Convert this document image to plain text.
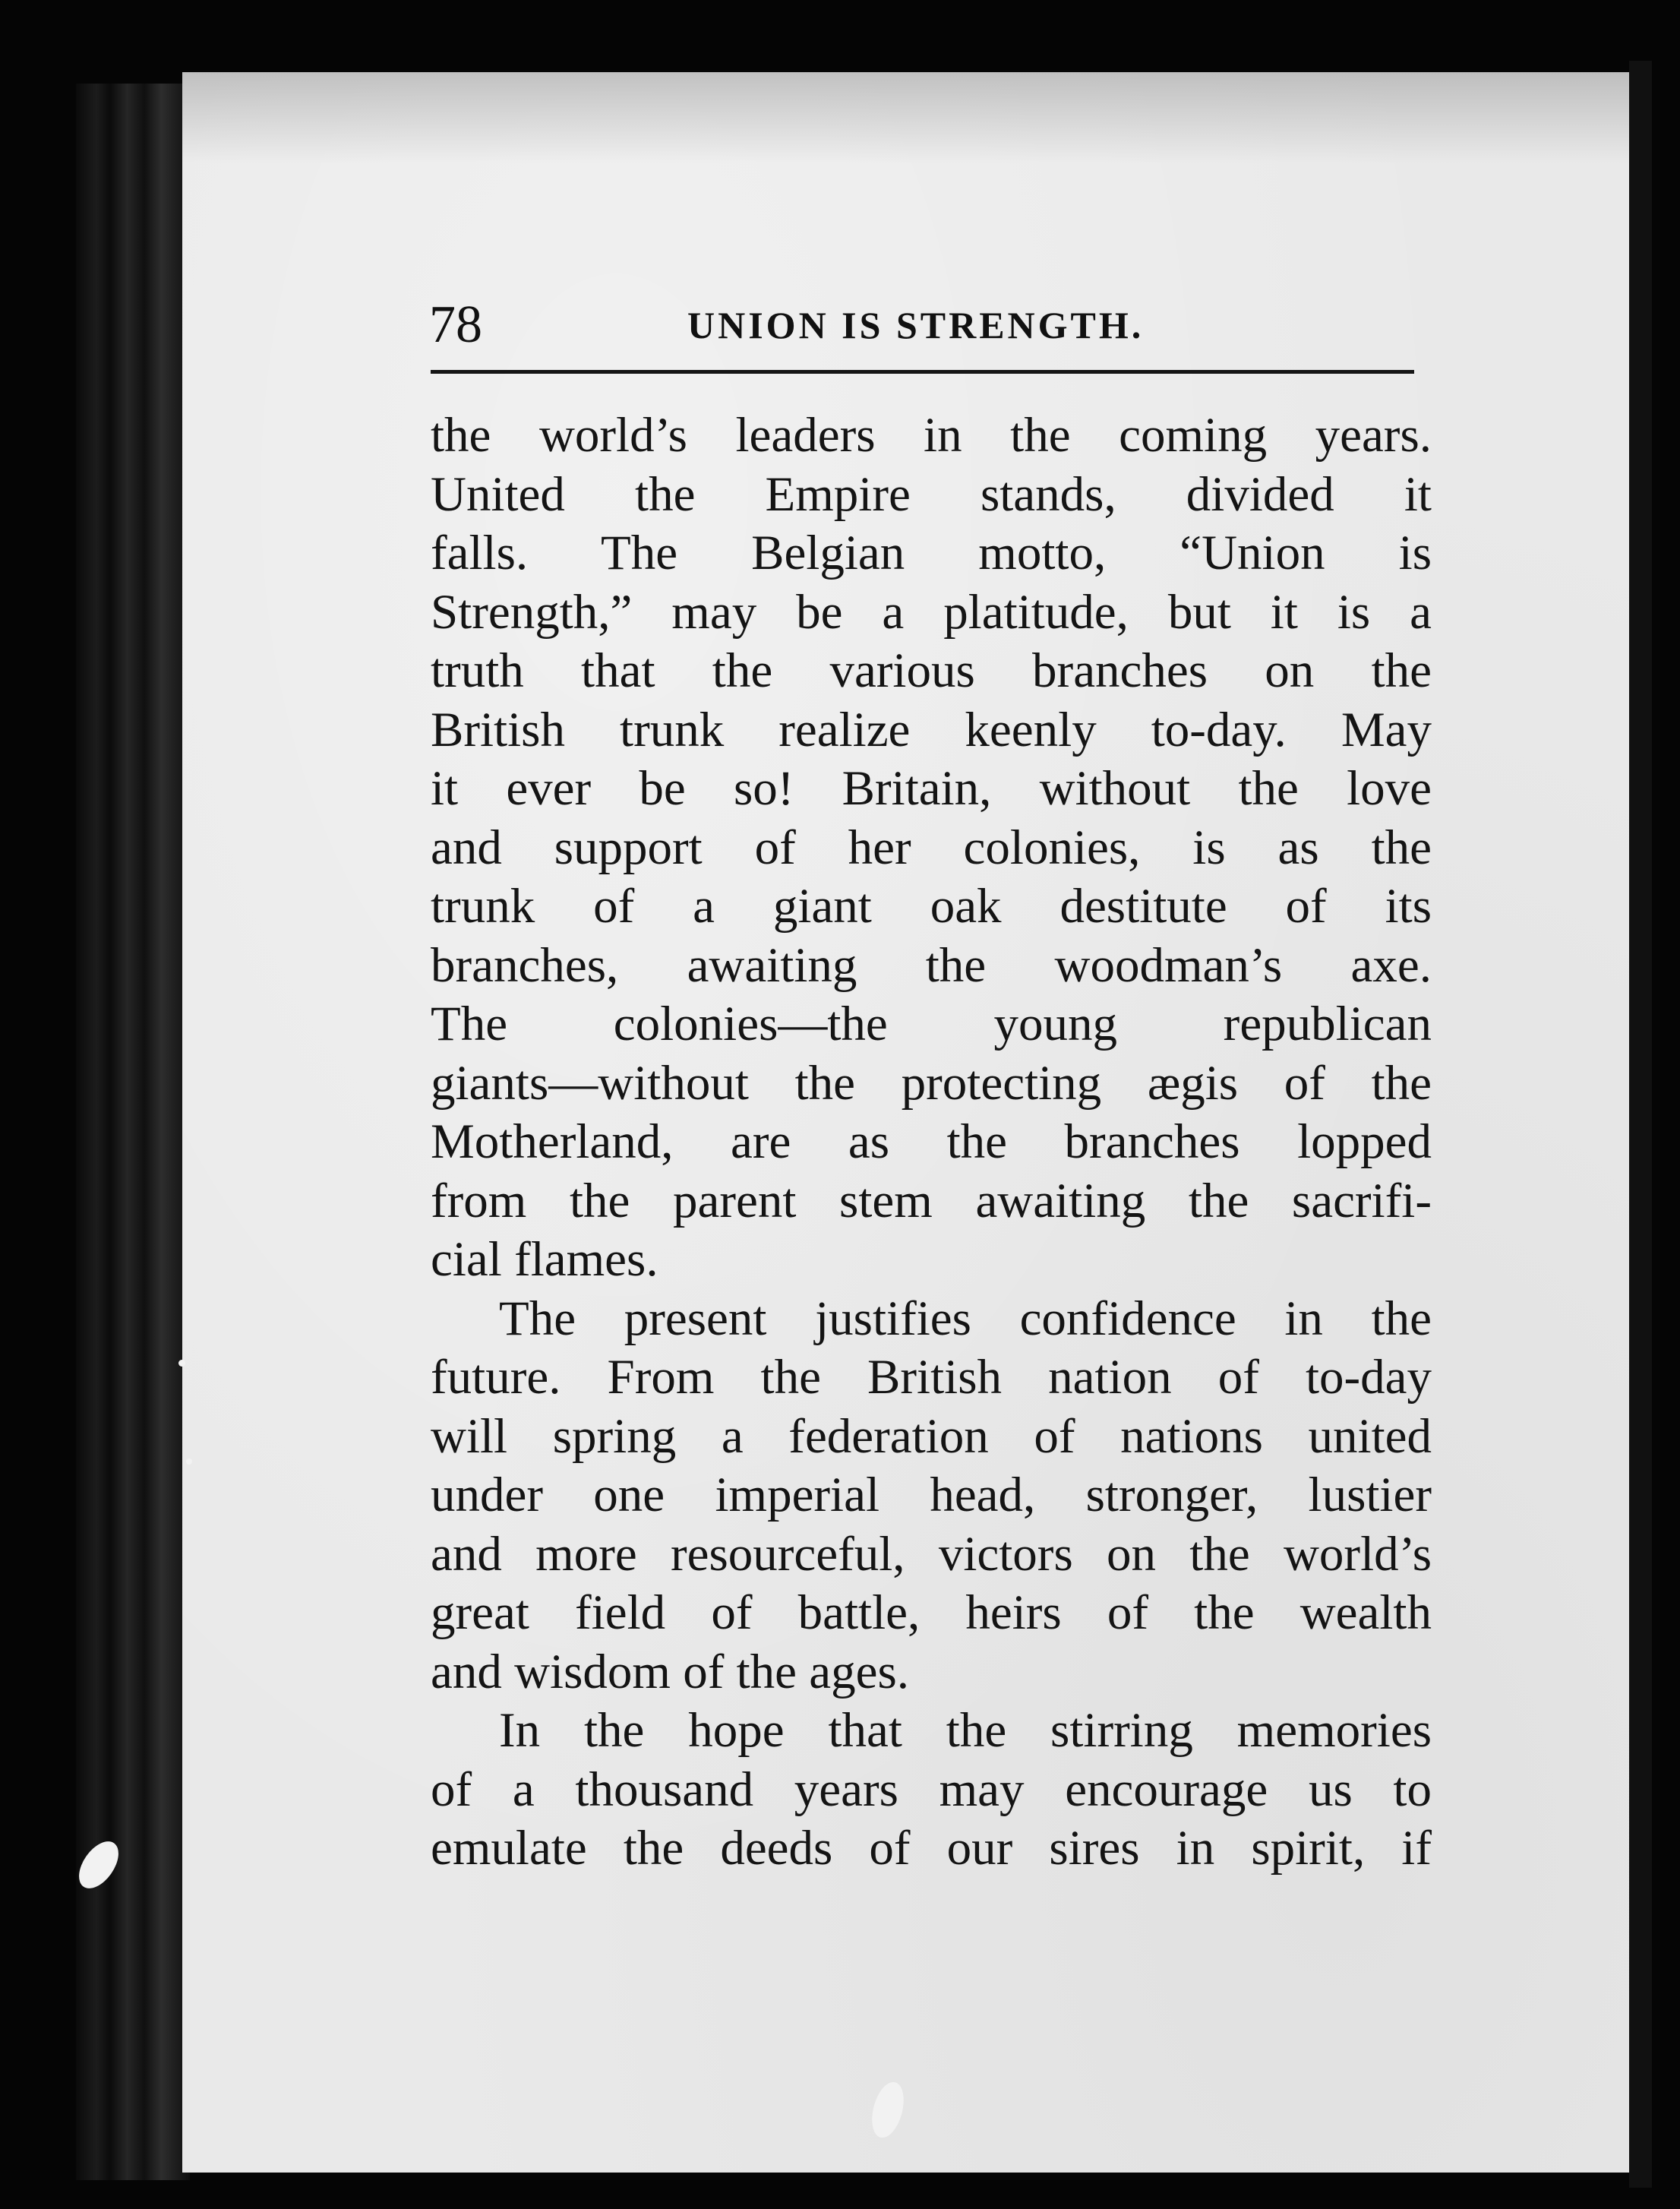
78	UNION IS STRENGTH.
the world’s leaders in the coming years.
United the Empire stands, divided it
falls. The Belgian motto, “Union is
Strength,” may be a platitude, but it is a
truth that the various branches on the
British trunk realize keenly to-day. May
it ever be so! Britain, without the love
and support of her colonies, is as the
trunk of a giant oak destitute of its
branches, awaiting the woodman’s axe.
The colonies—the young republican
giants—without the protecting ægis of the
Motherland, are as the branches lopped
from the parent stem awaiting the sacrifi-
cial flames.
The present justifies confidence in the
future. From the British nation of to-day
will spring a federation of nations united
under one imperial head, stronger, lustier
and more resourceful, victors on the world’s
great field of battle, heirs of the wealth
and wisdom of the ages.
In the hope that the stirring memories
of a thousand years may encourage us to
emulate the deeds of our sires in spirit, if
